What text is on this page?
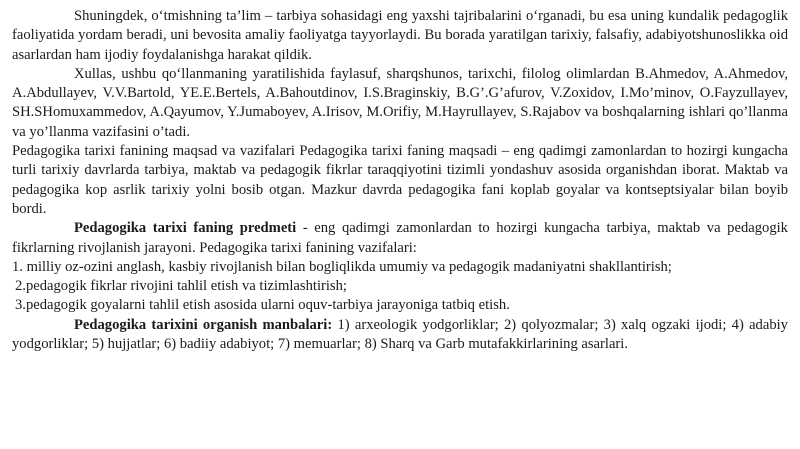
Shuningdek, o‘tmishning ta’lim – tarbiya sohasidagi eng yaxshi tajribalarini o‘rganadi, bu esa uning kundalik pedagoglik faoliyatida yordam beradi, uni bevosita amaliy faoliyatga tayyorlaydi. Bu borada yaratilgan tarixiy, falsafiy, adabiyotshunoslikka oid asarlardan ham ijodiy foydalanishga harakat qildik.

Xullas, ushbu qo‘llanmaning yaratilishida faylasuf, sharqshunos, tarixchi, filolog olimlardan B.Ahmedov, A.Ahmedov, A.Abdullayev, V.V.Bartold, YE.E.Bertels, A.Bahoutdinov, I.S.Braginskiy, B.G’.G’afurov, V.Zoxidov, I.Mo’minov, O.Fayzullayev, SH.SHomuxammedov, A.Qayumov, Y.Jumaboyev, A.Irisov, M.Orifiy, M.Hayrullayev, S.Rajabov va boshqalarning ishlari qo’llanma va yo’llanma vazifasini o’tadi.

Pedagogika tarixi fanining maqsad va vazifalari Pedagogika tarixi faning maqsadi – eng qadimgi zamonlardan to hozirgi kungacha turli tarixiy davrlarda tarbiya, maktab va pedagogik fikrlar taraqqiyotini tizimli yondashuv asosida organishdan iborat. Maktab va pedagogika kop asrlik tarixiy yolni bosib otgan. Mazkur davrda pedagogika fani koplab goyalar va kontseptsiyalar bilan boyib bordi.

Pedagogika tarixi faning predmeti - eng qadimgi zamonlardan to hozirgi kungacha tarbiya, maktab va pedagogik fikrlarning rivojlanish jarayoni. Pedagogika tarixi fanining vazifalari:

1. milliy oz-ozini anglash, kasbiy rivojlanish bilan bogliqlikda umumiy va pedagogik madaniyatni shakllantirish;

2.pedagogik fikrlar rivojini tahlil etish va tizimlashtirish;

3.pedagogik goyalarni tahlil etish asosida ularni oquv-tarbiya jarayoniga tatbiq etish.

Pedagogika tarixini organish manbalari: 1) arxeologik yodgorliklar; 2) qolyozmalar; 3) xalq ogzaki ijodi; 4) adabiy yodgorliklar; 5) hujjatlar; 6) badiiy adabiyot; 7) memuarlar; 8) Sharq va Garb mutafakkirlarining asarlari.
